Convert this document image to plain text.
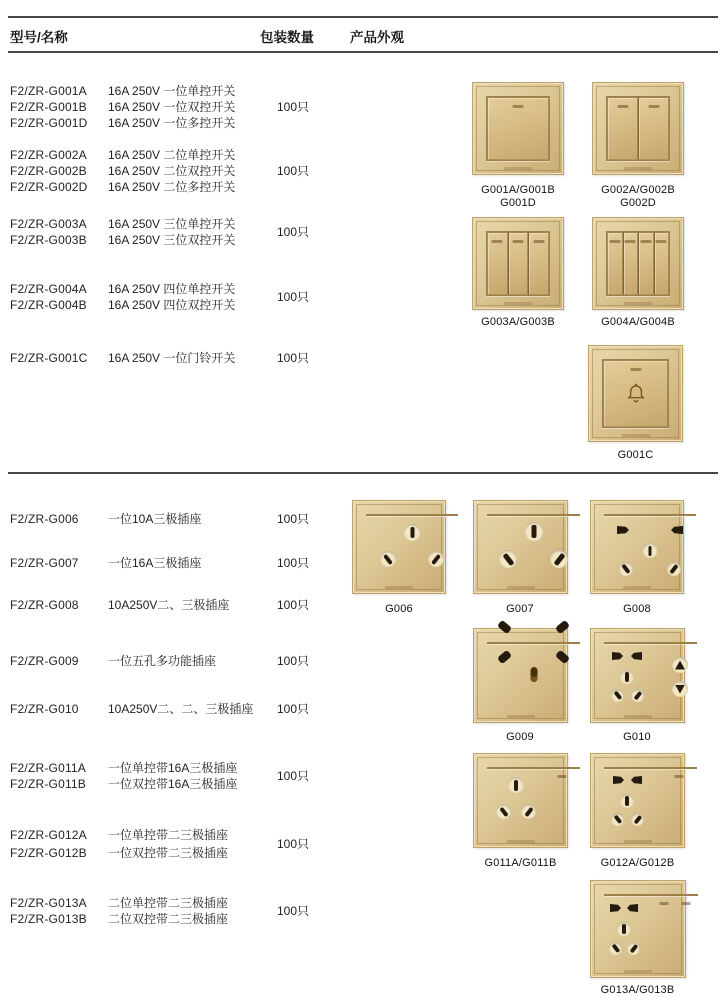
型号/名称	包装数量	产品外观
F2/ZR-G001A	16A 250V 一位单控开关
F2/ZR-G001B	16A 250V 一位双控开关
F2/ZR-G001D	16A 250V 一位多控开关
100只
F2/ZR-G002A	16A 250V 二位单控开关
F2/ZR-G002B	16A 250V 二位双控开关
F2/ZR-G002D	16A 250V 二位多控开关
100只
F2/ZR-G003A	16A 250V 三位单控开关
F2/ZR-G003B	16A 250V 三位双控开关
100只
F2/ZR-G004A	16A 250V 四位单控开关
F2/ZR-G004B	16A 250V 四位双控开关
100只
F2/ZR-G001C	16A 250V 一位门铃开关	100只
F2/ZR-G006	一位10A三极插座	100只
F2/ZR-G007	一位16A三极插座	100只
F2/ZR-G008	10A250V二、三极插座	100只
F2/ZR-G009	一位五孔多功能插座	100只
F2/ZR-G010	10A250V二、二、三极插座 100只
F2/ZR-G011A	一位单控带16A三极插座
F2/ZR-G011B	一位双控带16A三极插座
100只
F2/ZR-G012A	一位单控带二三极插座
F2/ZR-G012B	一位双控带二三极插座
100只
F2/ZR-G013A	二位单控带二三极插座
F2/ZR-G013B	二位双控带二三极插座
100只
G001A/G001B
G001D
G002A/G002B
G002D
G003A/G003B	G004A/G004B
G001C
G006	G007	G008
G009	G010
G011A/G011B	G012A/G012B
G013A/G013B
